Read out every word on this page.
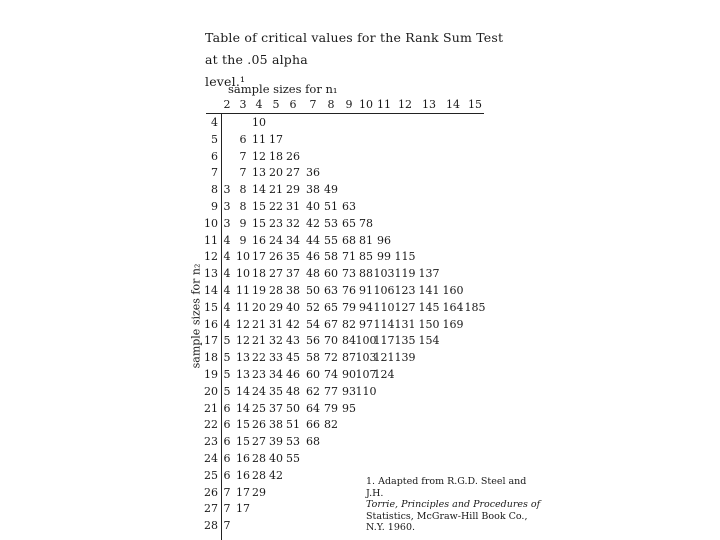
Table of critical values for the Rank Sum Test at the .05 alpha
level.¹
sample sizes for n₁
2 3 4 5 6 7 8 9 10 11 12 13 14 15
sample sizes for n₂
4	10
5 6 11 17
6 7 12 18 26
7 7 13 20 27 36
8 3 8 14 21 29 38 49
9 3 8 15 22 31 40 51 63
10 3 9 15 23 32 42 53 65 78
11 4 9 16 24 34 44 55 68 81 96
12 4 10 17 26 35 46 58 71 85 99 115
13 4 10 18 27 37 48 60 73 88 103 119 137
14 4 11 19 28 38 50 63 76 91 106 123 141 160
15 4 11 20 29 40 52 65 79 94 110 127 145 164 185
16 4 12 21 31 42 54 67 82 97 114 131 150 169
17 5 12 21 32 43 56 70 84 100
117 135 154
18 5 13 22 33 45 58 72 87 103
121 139
19 5 13 23 34 46 60 74 90 107
124
20 5 14 24 35 48 62 77 93 110
21 6 14 25 37 50 64 79 95
22 6 15 26 38 51 66 82
23 6 15 27 39 53 68
24 6 16 28 40 55
25 6 16 28 42
26 7 17 29
27 7 17
28 7
1. Adapted from R.G.D. Steel and J.H.
Torrie, Principles and Procedures of
Statistics, McGraw-Hill Book Co.,
N.Y. 1960.
